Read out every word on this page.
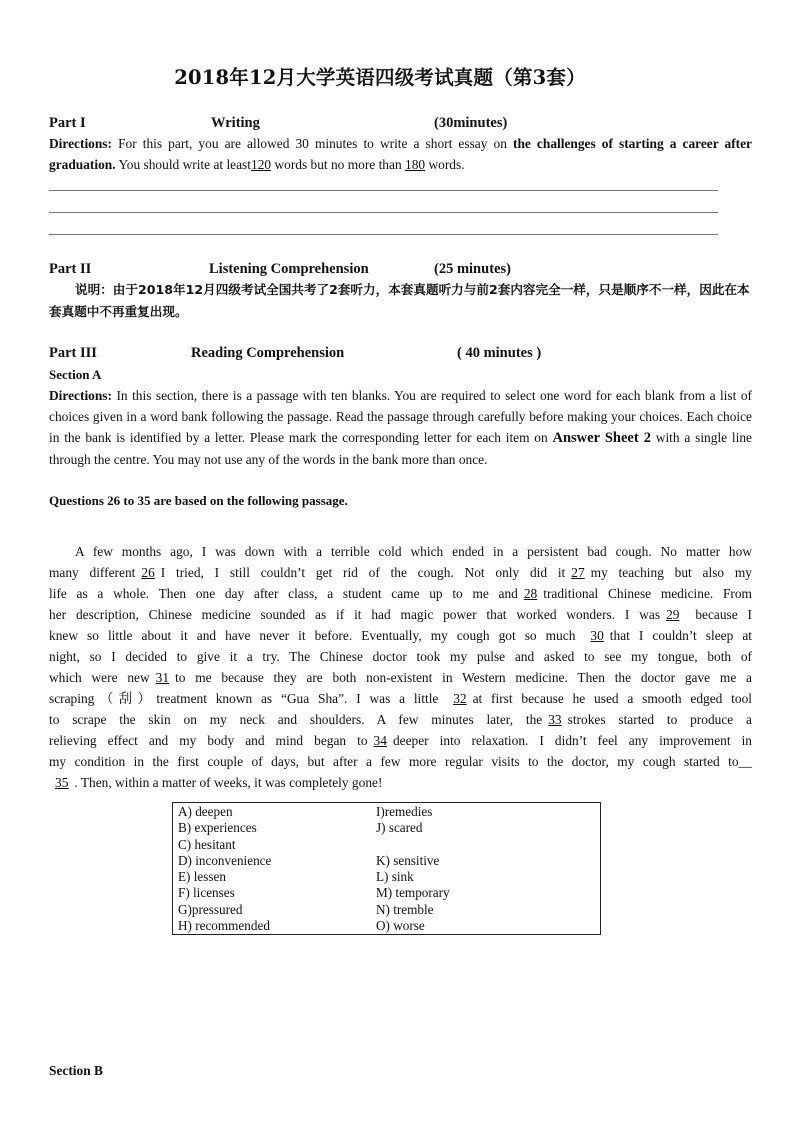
2018年12月大学英语四级考试真题（第3套）
Part I	Writing	(30minutes)
Directions: For this part, you are allowed 30 minutes to write a short essay on the challenges of starting a career after graduation. You should write at least120 words but no more than 180 words.
Part II	Listening Comprehension	(25 minutes)
说明：由于2018年12月四级考试全国共考了2套听力，本套真题听力与前2套内容完全一样，只是顺序不一样，因此在本套真题中不再重复出现。
Part III	Reading Comprehension	( 40 minutes )
Section A
Directions: In this section, there is a passage with ten blanks. You are required to select one word for each blank from a list of choices given in a word bank following the passage. Read the passage through carefully before making your choices. Each choice in the bank is identified by a letter. Please mark the corresponding letter for each item on Answer Sheet 2 with a single line through the centre. You may not use any of the words in the bank more than once.
Questions 26 to 35 are based on the following passage.
A few months ago, I was down with a terrible cold which ended in a persistent bad cough. No matter how
many different 26 I tried, I still couldn’t get rid of the cough. Not only did it 27 my teaching but also my
life as a whole. Then one day after class, a student came up to me and 28 traditional Chinese medicine. From
her description, Chinese medicine sounded as if it had magic power that worked wonders. I was 29 because I
knew so little about it and have never it before. Eventually, my cough got so much 30 that I couldn’t sleep at
night, so I decided to give it a try. The Chinese doctor took my pulse and asked to see my tongue, both of
which were new 31 to me because they are both non-existent in Western medicine. Then the doctor gave me a
scraping（刮）treatment known as “Gua Sha”. I was a little 32 at first because he used a smooth edged tool
to scrape the skin on my neck and shoulders. A few minutes later, the 33 strokes started to produce a
relieving effect and my body and mind began to 34 deeper into relaxation. I didn’t feel any improvement in
my condition in the first couple of days, but after a few more regular visits to the doctor, my cough started to__
35 . Then, within a matter of weeks, it was completely gone!
A) deepen
B) experiences
C) hesitant
D) inconvenience
E) lessen
F) licenses
G)pressured
H) recommended
I)remedies
J) scared
K) sensitive
L) sink
M) temporary
N) tremble
O) worse
Section B
